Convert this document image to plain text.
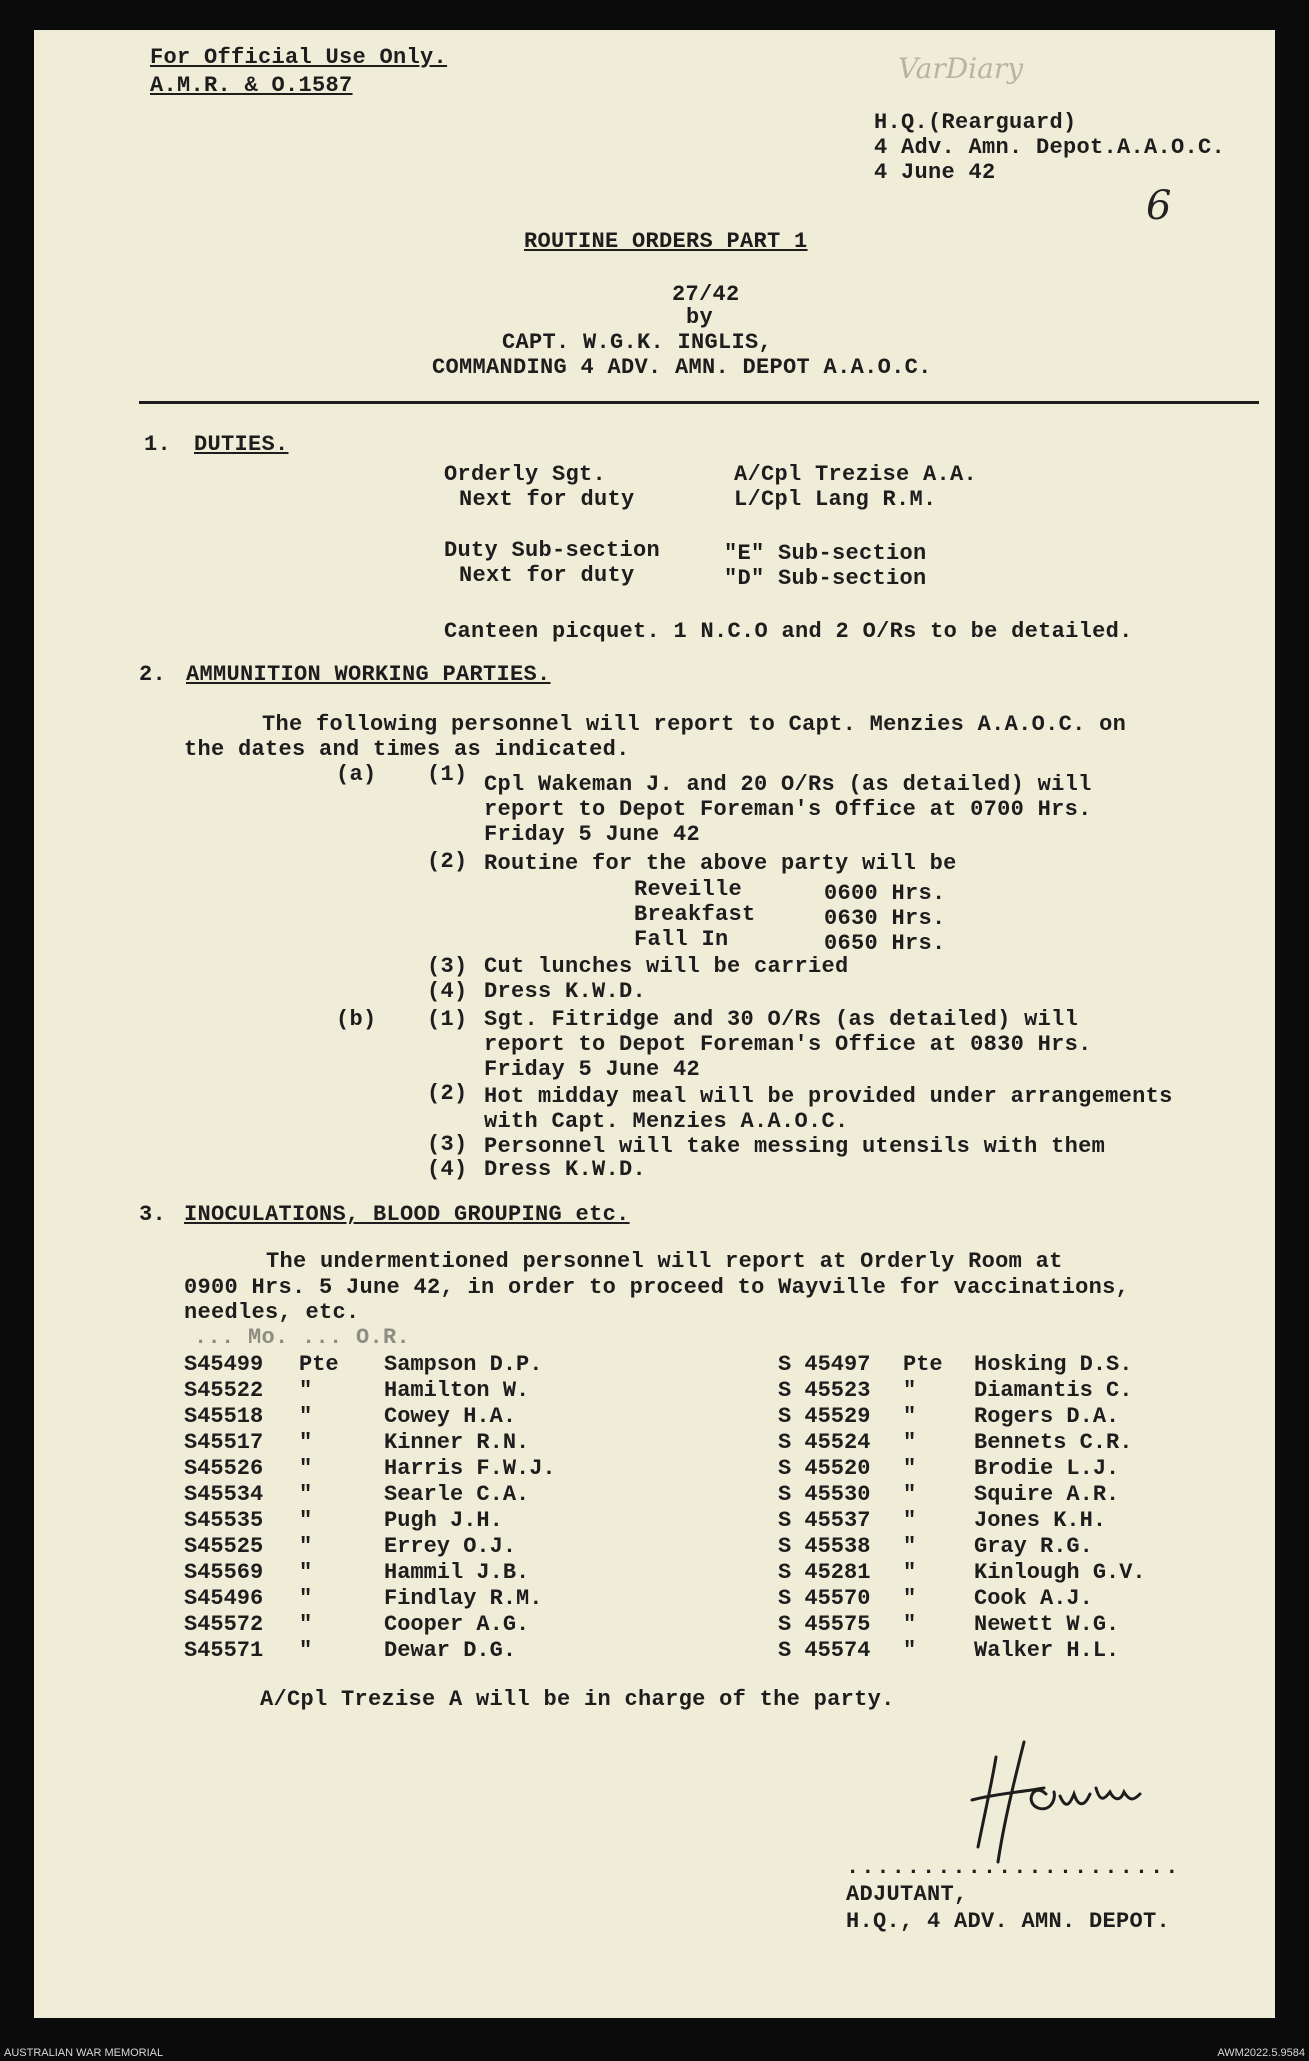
VarDiary
For Official Use Only.
A.M.R. & O.1587
H.Q.(Rearguard)
4 Adv. Amn. Depot.A.A.O.C.
4 June 42
6
ROUTINE ORDERS PART 1
27/42
by
CAPT. W.G.K. INGLIS,
COMMANDING 4 ADV. AMN. DEPOT A.A.O.C.
1. DUTIES.
Orderly Sgt.	A/Cpl Trezise A.A.
Next for duty	L/Cpl Lang R.M.
Duty Sub-section	"E" Sub-section
Next for duty	"D" Sub-section
Canteen picquet. 1 N.C.O and 2 O/Rs to be detailed.
2. AMMUNITION WORKING PARTIES.
The following personnel will report to Capt. Menzies A.A.O.C. on
the dates and times as indicated.
(a) (1) Cpl Wakeman J. and 20 O/Rs (as detailed) will
report to Depot Foreman's Office at 0700 Hrs.
Friday 5 June 42
(2) Routine for the above party will be
Reveille	0600 Hrs.
Breakfast	0630 Hrs.
Fall In	0650 Hrs.
(3) Cut lunches will be carried
(4) Dress K.W.D.
(b) (1) Sgt. Fitridge and 30 O/Rs (as detailed) will
report to Depot Foreman's Office at 0830 Hrs.
Friday 5 June 42
(2) Hot midday meal will be provided under arrangements
with Capt. Menzies A.A.O.C.
(3) Personnel will take messing utensils with them
(4) Dress K.W.D.
3. INOCULATIONS, BLOOD GROUPING etc.
The undermentioned personnel will report at Orderly Room at
0900 Hrs. 5 June 42, in order to proceed to Wayville for vaccinations,
needles, etc.
... Mo. ... O.R.
S45499 Pte Sampson D.P.
S45522 "	Hamilton W.
S45518 "	Cowey H.A.
S45517 "	Kinner R.N.
S45526 "	Harris F.W.J.
S45534 "	Searle C.A.
S45535 "	Pugh J.H.
S45525 "	Errey O.J.
S45569 "	Hammil J.B.
S45496 "	Findlay R.M.
S45572 "	Cooper A.G.
S45571 "	Dewar D.G.
S 45497 Pte Hosking D.S.
S 45523 "	Diamantis C.
S 45529 "	Rogers D.A.
S 45524 "	Bennets C.R.
S 45520 "	Brodie L.J.
S 45530 "	Squire A.R.
S 45537 "	Jones K.H.
S 45538 "	Gray R.G.
S 45281 "	Kinlough G.V.
S 45570 "	Cook A.J.
S 45575 "	Newett W.G.
S 45574 "	Walker H.L.
A/Cpl Trezise A will be in charge of the party.
......................
ADJUTANT,
H.Q., 4 ADV. AMN. DEPOT.
AUSTRALIAN WAR MEMORIAL	AWM2022.5.9584
